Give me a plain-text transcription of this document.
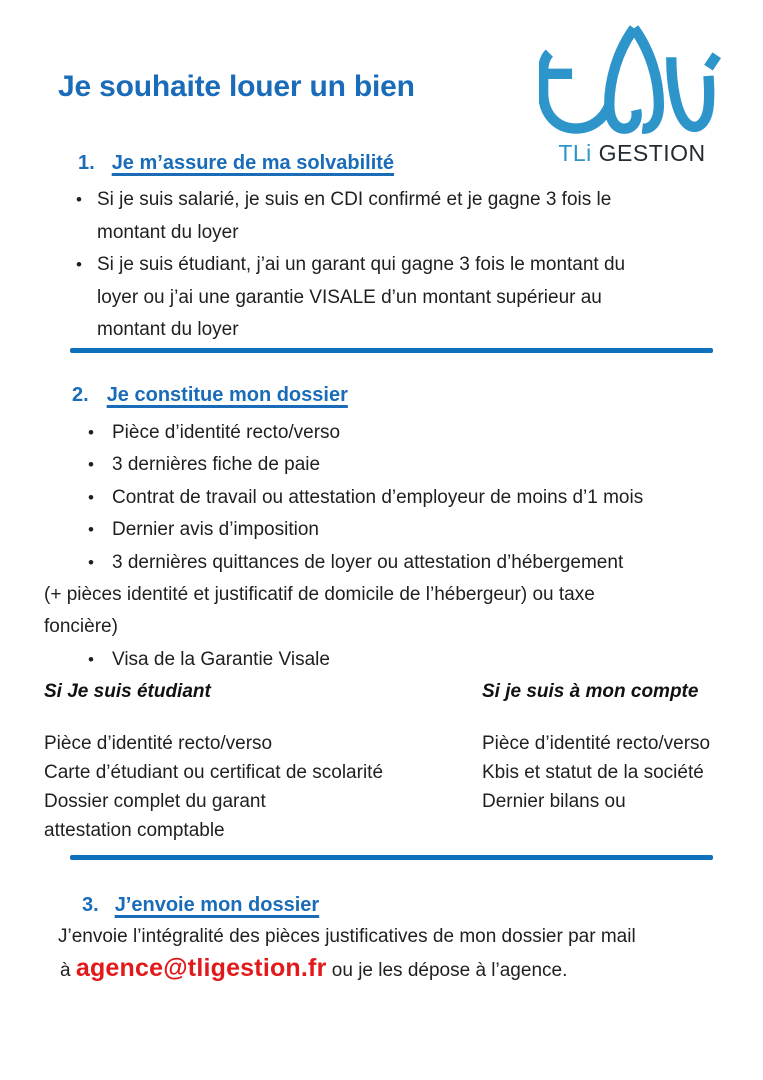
Je souhaite louer un bien
TLi GESTION
1. Je m’assure de ma solvabilité
• Si je suis salarié, je suis en CDI confirmé et je gagne 3 fois le montant du loyer
• Si je suis étudiant, j’ai un garant qui gagne 3 fois le montant du loyer ou j’ai une garantie VISALE d’un montant supérieur au montant du loyer
2. Je constitue mon dossier
• Pièce d’identité recto/verso
• 3 dernières fiche de paie
• Contrat de travail ou attestation d’employeur de moins d’1 mois
• Dernier avis d’imposition
• 3 dernières quittances de loyer ou attestation d’hébergement
(+ pièces identité et justificatif de domicile de l’hébergeur) ou taxe
foncière)
• Visa de la Garantie Visale
Si Je suis étudiant
Pièce d’identité recto/verso
Carte d’étudiant ou certificat de scolarité
Dossier complet du garant
attestation comptable
Si je suis à mon compte
Pièce d’identité recto/verso
Kbis et statut de la société
Dernier bilans ou
3. J’envoie mon dossier
J’envoie l’intégralité des pièces justificatives de mon dossier par mail
à agence@tligestion.fr ou je les dépose à l’agence.
